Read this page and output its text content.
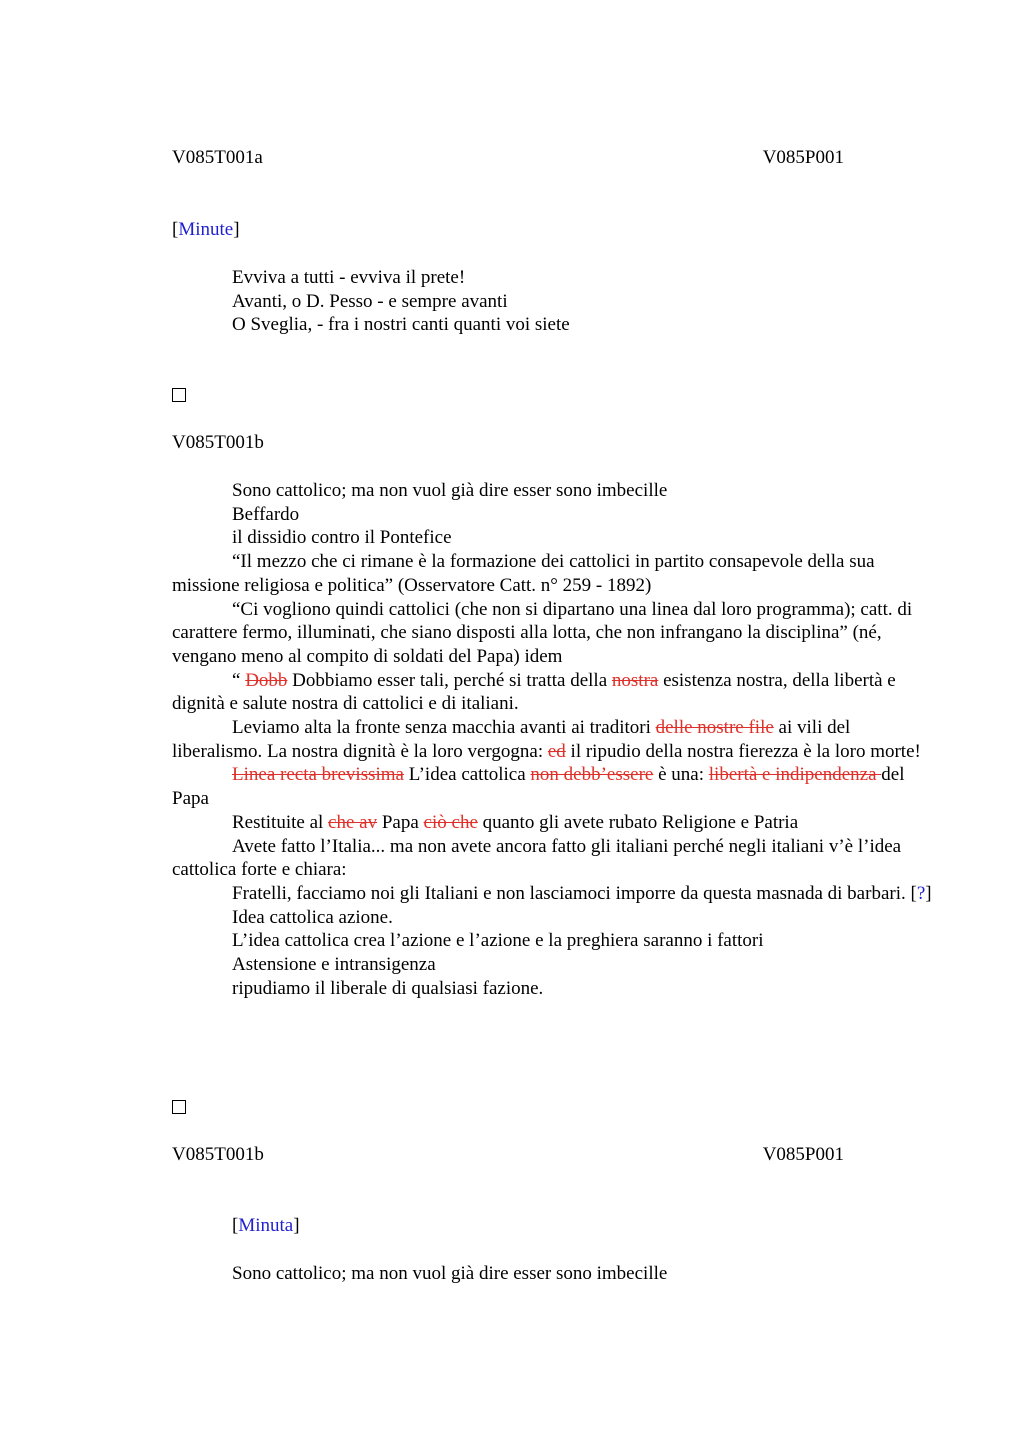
V085T001a	V085P001
[Minute]
Evviva a tutti - evviva il prete!
Avanti, o D. Pesso - e sempre avanti
O Sveglia, - fra i nostri canti quanti voi siete
V085T001b

Sono cattolico; ma non vuol già dire esser sono imbecille

Beffardo

il dissidio contro il Pontefice

“Il mezzo che ci rimane è la formazione dei cattolici in partito consapevole della sua missione religiosa e politica” (Osservatore Catt. n° 259 - 1892)

“Ci vogliono quindi cattolici (che non si dipartano una linea dal loro programma); catt. di carattere fermo, illuminati, che siano disposti alla lotta, che non infrangano la disciplina” (né, vengano meno al compito di soldati del Papa) idem

“ Dobb Dobbiamo esser tali, perché si tratta della nostra esistenza nostra, della libertà e dignità e salute nostra di cattolici e di italiani.

Leviamo alta la fronte senza macchia avanti ai traditori delle nostre file ai vili del liberalismo. La nostra dignità è la loro vergogna: ed il ripudio della nostra fierezza è la loro morte!

Linea recta brevissima L’idea cattolica non debb’essere è una: libertà e indipendenza del Papa

Restituite al che av Papa ciò che quanto gli avete rubato Religione e Patria

Avete fatto l’Italia... ma non avete ancora fatto gli italiani perché negli italiani v’è l’idea cattolica forte e chiara:

Fratelli, facciamo noi gli Italiani e non lasciamoci imporre da questa masnada di barbari. [?]

Idea cattolica azione.

L’idea cattolica crea l’azione e l’azione e la preghiera saranno i fattori

Astensione e intransigenza

ripudiamo il liberale di qualsiasi fazione.

V085T001b	V085P001
[Minuta]
Sono cattolico; ma non vuol già dire esser sono imbecille
